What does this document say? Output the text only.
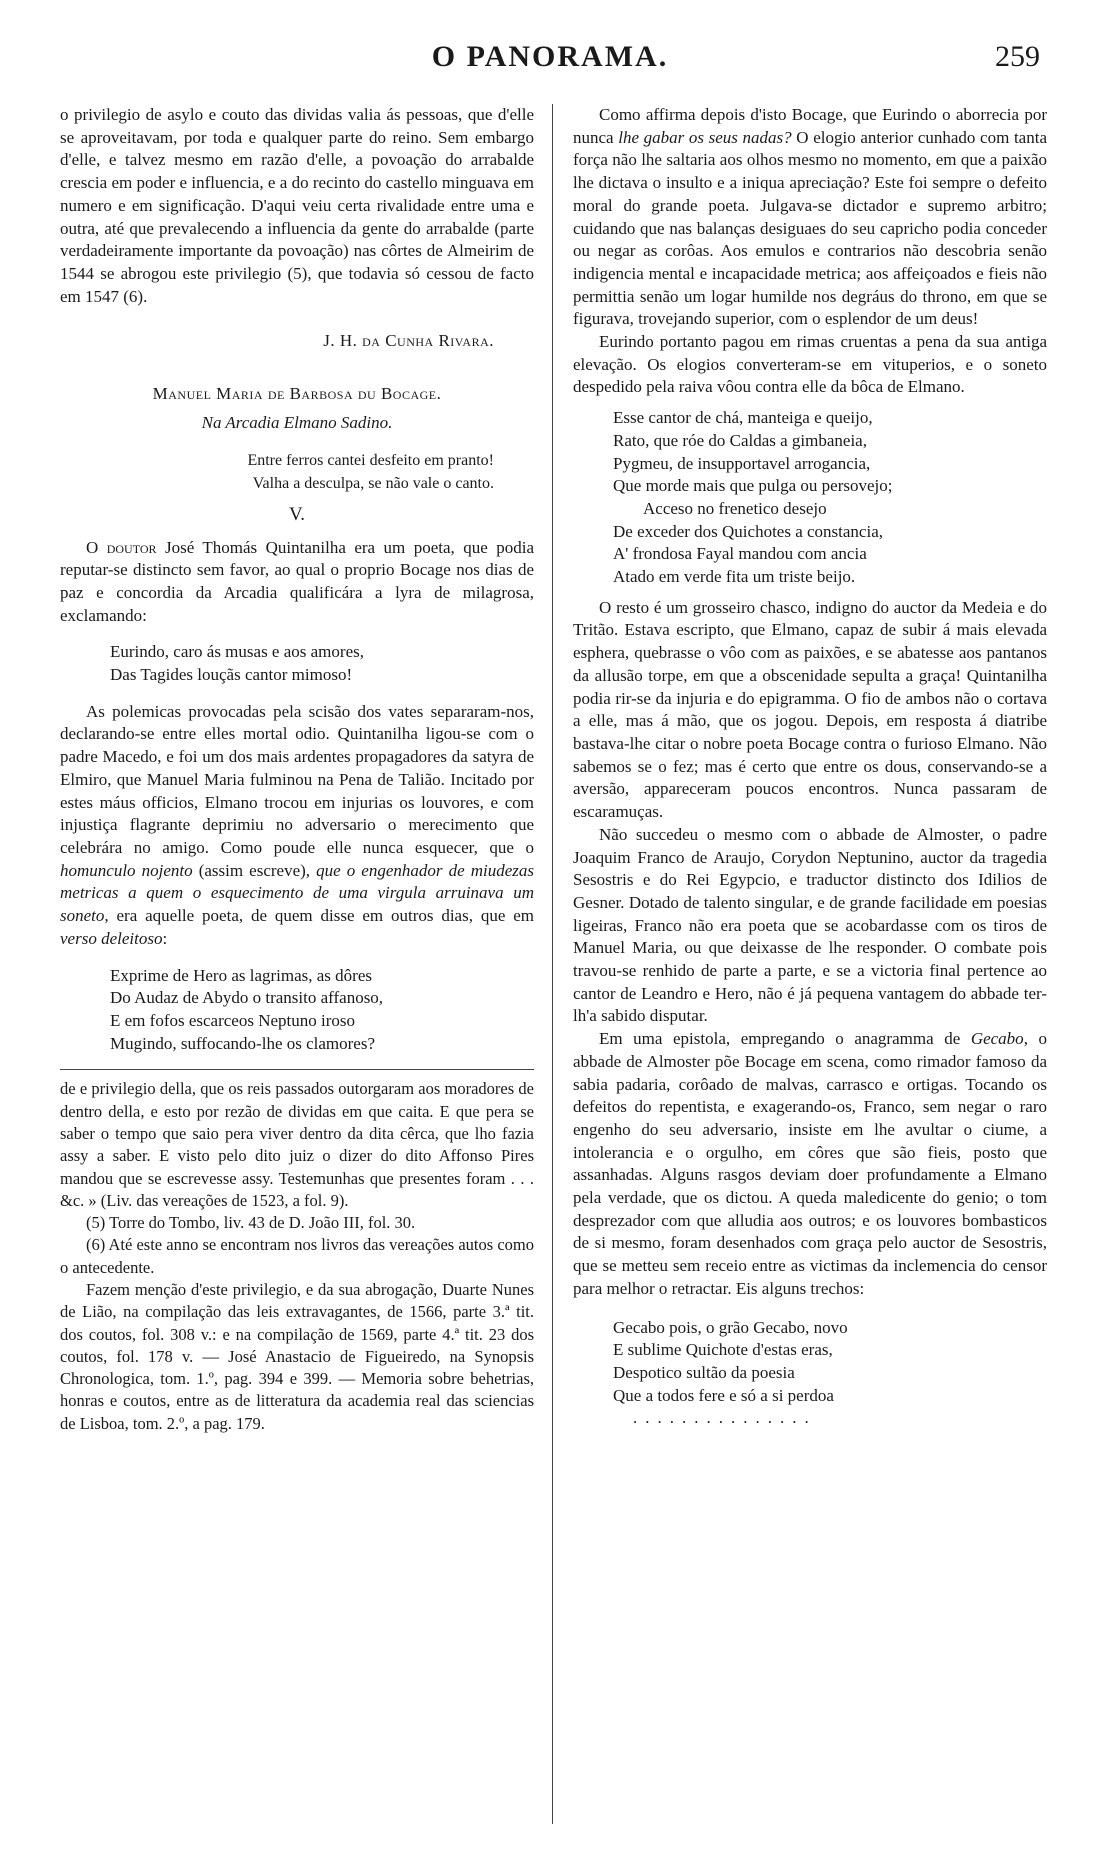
O PANORAMA.	259

o privilegio de asylo e couto das dividas valia ás pessoas, que d'elle se aproveitavam, por toda e qualquer parte do reino. Sem embargo d'elle, e talvez mesmo em razão d'elle, a povoação do arrabalde crescia em poder e influencia, e a do recinto do castello minguava em numero e em significação. D'aqui veiu certa rivalidade entre uma e outra, até que prevalecendo a influencia da gente do arrabalde (parte verdadeiramente importante da povoação) nas côrtes de Almeirim de 1544 se abrogou este privilegio (5), que todavia só cessou de facto em 1547 (6).

J. H. da Cunha Rivara.

Manuel Maria de Barbosa du Bocage.

Na Arcadia Elmano Sadino.

Entre ferros cantei desfeito em pranto!

Valha a desculpa, se não vale o canto.

V.

O doutor José Thomás Quintanilha era um poeta, que podia reputar-se distincto sem favor, ao qual o proprio Bocage nos dias de paz e concordia da Arcadia qualificára a lyra de milagrosa, exclamando:

Eurindo, caro ás musas e aos amores,
Das Tagides louçãs cantor mimoso!

As polemicas provocadas pela scisão dos vates separaram-nos, declarando-se entre elles mortal odio. Quintanilha ligou-se com o padre Macedo, e foi um dos mais ardentes propagadores da satyra de Elmiro, que Manuel Maria fulminou na Pena de Talião. Incitado por estes máus officios, Elmano trocou em injurias os louvores, e com injustiça flagrante deprimiu no adversario o merecimento que celebrára no amigo. Como poude elle nunca esquecer, que o homunculo nojento (assim escreve), que o engenhador de miudezas metricas a quem o esquecimento de uma virgula arruinava um soneto, era aquelle poeta, de quem disse em outros dias, que em verso deleitoso:

Exprime de Hero as lagrimas, as dôres
Do Audaz de Abydo o transito affanoso,
E em fofos escarceos Neptuno iroso
Mugindo, suffocando-lhe os clamores?

de e privilegio della, que os reis passados outorgaram aos moradores de dentro della, e esto por rezão de dividas em que caita. E que pera se saber o tempo que saio pera viver dentro da dita cêrca, que lho fazia assy a saber. E visto pelo dito juiz o dizer do dito Affonso Pires mandou que se escrevesse assy. Testemunhas que presentes foram . . . &c. » (Liv. das vereações de 1523, a fol. 9).

(5) Torre do Tombo, liv. 43 de D. João III, fol. 30.

(6) Até este anno se encontram nos livros das vereações autos como o antecedente.

Fazem menção d'este privilegio, e da sua abrogação, Duarte Nunes de Lião, na compilação das leis extravagantes, de 1566, parte 3.ª tit. dos coutos, fol. 308 v.: e na compilação de 1569, parte 4.ª tit. 23 dos coutos, fol. 178 v. — José Anastacio de Figueiredo, na Synopsis Chronologica, tom. 1.º, pag. 394 e 399. — Memoria sobre behetrias, honras e coutos, entre as de litteratura da academia real das sciencias de Lisboa, tom. 2.º, a pag. 179.

Como affirma depois d'isto Bocage, que Eurindo o aborrecia por nunca lhe gabar os seus nadas? O elogio anterior cunhado com tanta força não lhe saltaria aos olhos mesmo no momento, em que a paixão lhe dictava o insulto e a iniqua apreciação? Este foi sempre o defeito moral do grande poeta. Julgava-se dictador e supremo arbitro; cuidando que nas balanças desiguaes do seu capricho podia conceder ou negar as corôas. Aos emulos e contrarios não descobria senão indigencia mental e incapacidade metrica; aos affeiçoados e fieis não permittia senão um logar humilde nos degráus do throno, em que se figurava, trovejando superior, com o esplendor de um deus!

Eurindo portanto pagou em rimas cruentas a pena da sua antiga elevação. Os elogios converteram-se em vituperios, e o soneto despedido pela raiva vôou contra elle da bôca de Elmano.

Esse cantor de chá, manteiga e queijo,
Rato, que róe do Caldas a gimbaneia,
Pygmeu, de insupportavel arrogancia,
Que morde mais que pulga ou persovejo;
Acceso no frenetico desejo
De exceder dos Quichotes a constancia,
A' frondosa Fayal mandou com ancia
Atado em verde fita um triste beijo.

O resto é um grosseiro chasco, indigno do auctor da Medeia e do Tritão. Estava escripto, que Elmano, capaz de subir á mais elevada esphera, quebrasse o vôo com as paixões, e se abatesse aos pantanos da allusão torpe, em que a obscenidade sepulta a graça! Quintanilha podia rir-se da injuria e do epigramma. O fio de ambos não o cortava a elle, mas á mão, que os jogou. Depois, em resposta á diatribe bastava-lhe citar o nobre poeta Bocage contra o furioso Elmano. Não sabemos se o fez; mas é certo que entre os dous, conservando-se a aversão, appareceram poucos encontros. Nunca passaram de escaramuças.

Não succedeu o mesmo com o abbade de Almoster, o padre Joaquim Franco de Araujo, Corydon Neptunino, auctor da tragedia Sesostris e do Rei Egypcio, e traductor distincto dos Idilios de Gesner. Dotado de talento singular, e de grande facilidade em poesias ligeiras, Franco não era poeta que se acobardasse com os tiros de Manuel Maria, ou que deixasse de lhe responder. O combate pois travou-se renhido de parte a parte, e se a victoria final pertence ao cantor de Leandro e Hero, não é já pequena vantagem do abbade ter-lh'a sabido disputar.

Em uma epistola, empregando o anagramma de Gecabo, o abbade de Almoster põe Bocage em scena, como rimador famoso da sabia padaria, corôado de malvas, carrasco e ortigas. Tocando os defeitos do repentista, e exagerando-os, Franco, sem negar o raro engenho do seu adversario, insiste em lhe avultar o ciume, a intolerancia e o orgulho, em côres que são fieis, posto que assanhadas. Alguns rasgos deviam doer profundamente a Elmano pela verdade, que os dictou. A queda maledicente do genio; o tom desprezador com que alludia aos outros; e os louvores bombasticos de si mesmo, foram desenhados com graça pelo auctor de Sesostris, que se metteu sem receio entre as victimas da inclemencia do censor para melhor o retractar. Eis alguns trechos:

Gecabo pois, o grão Gecabo, novo
E sublime Quichote d'estas eras,
Despotico sultão da poesia
Que a todos fere e só a si perdoa
...............
